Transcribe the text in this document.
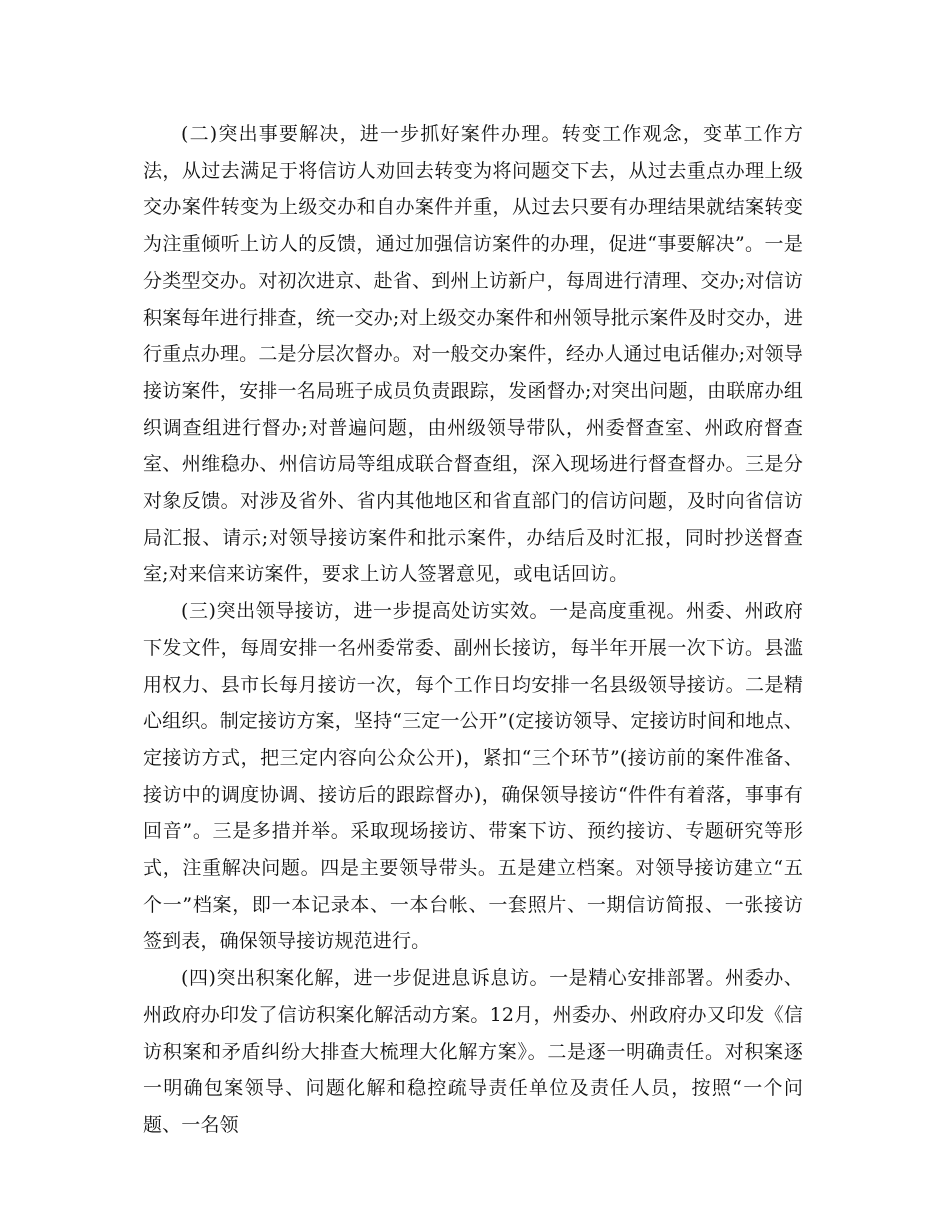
(二)突出事要解决，进一步抓好案件办理。转变工作观念，变革工作方法，从过去满足于将信访人劝回去转变为将问题交下去，从过去重点办理上级交办案件转变为上级交办和自办案件并重，从过去只要有办理结果就结案转变为注重倾听上访人的反馈，通过加强信访案件的办理，促进“事要解决”。一是分类型交办。对初次进京、赴省、到州上访新户，每周进行清理、交办;对信访积案每年进行排查，统一交办;对上级交办案件和州领导批示案件及时交办，进行重点办理。二是分层次督办。对一般交办案件，经办人通过电话催办;对领导接访案件，安排一名局班子成员负责跟踪，发函督办;对突出问题，由联席办组织调查组进行督办;对普遍问题，由州级领导带队，州委督查室、州政府督查室、州维稳办、州信访局等组成联合督查组，深入现场进行督查督办。三是分对象反馈。对涉及省外、省内其他地区和省直部门的信访问题，及时向省信访局汇报、请示;对领导接访案件和批示案件，办结后及时汇报，同时抄送督查室;对来信来访案件，要求上访人签署意见，或电话回访。

(三)突出领导接访，进一步提高处访实效。一是高度重视。州委、州政府下发文件，每周安排一名州委常委、副州长接访，每半年开展一次下访。县滥用权力、县市长每月接访一次，每个工作日均安排一名县级领导接访。二是精心组织。制定接访方案，坚持“三定一公开”(定接访领导、定接访时间和地点、定接访方式，把三定内容向公众公开)，紧扣“三个环节”(接访前的案件准备、接访中的调度协调、接访后的跟踪督办)，确保领导接访“件件有着落，事事有回音”。三是多措并举。采取现场接访、带案下访、预约接访、专题研究等形式，注重解决问题。四是主要领导带头。五是建立档案。对领导接访建立“五个一”档案，即一本记录本、一本台帐、一套照片、一期信访简报、一张接访签到表，确保领导接访规范进行。

(四)突出积案化解，进一步促进息诉息访。一是精心安排部署。州委办、州政府办印发了信访积案化解活动方案。12月，州委办、州政府办又印发《信访积案和矛盾纠纷大排查大梳理大化解方案》。二是逐一明确责任。对积案逐一明确包案领导、问题化解和稳控疏导责任单位及责任人员，按照“一个问题、一名领
